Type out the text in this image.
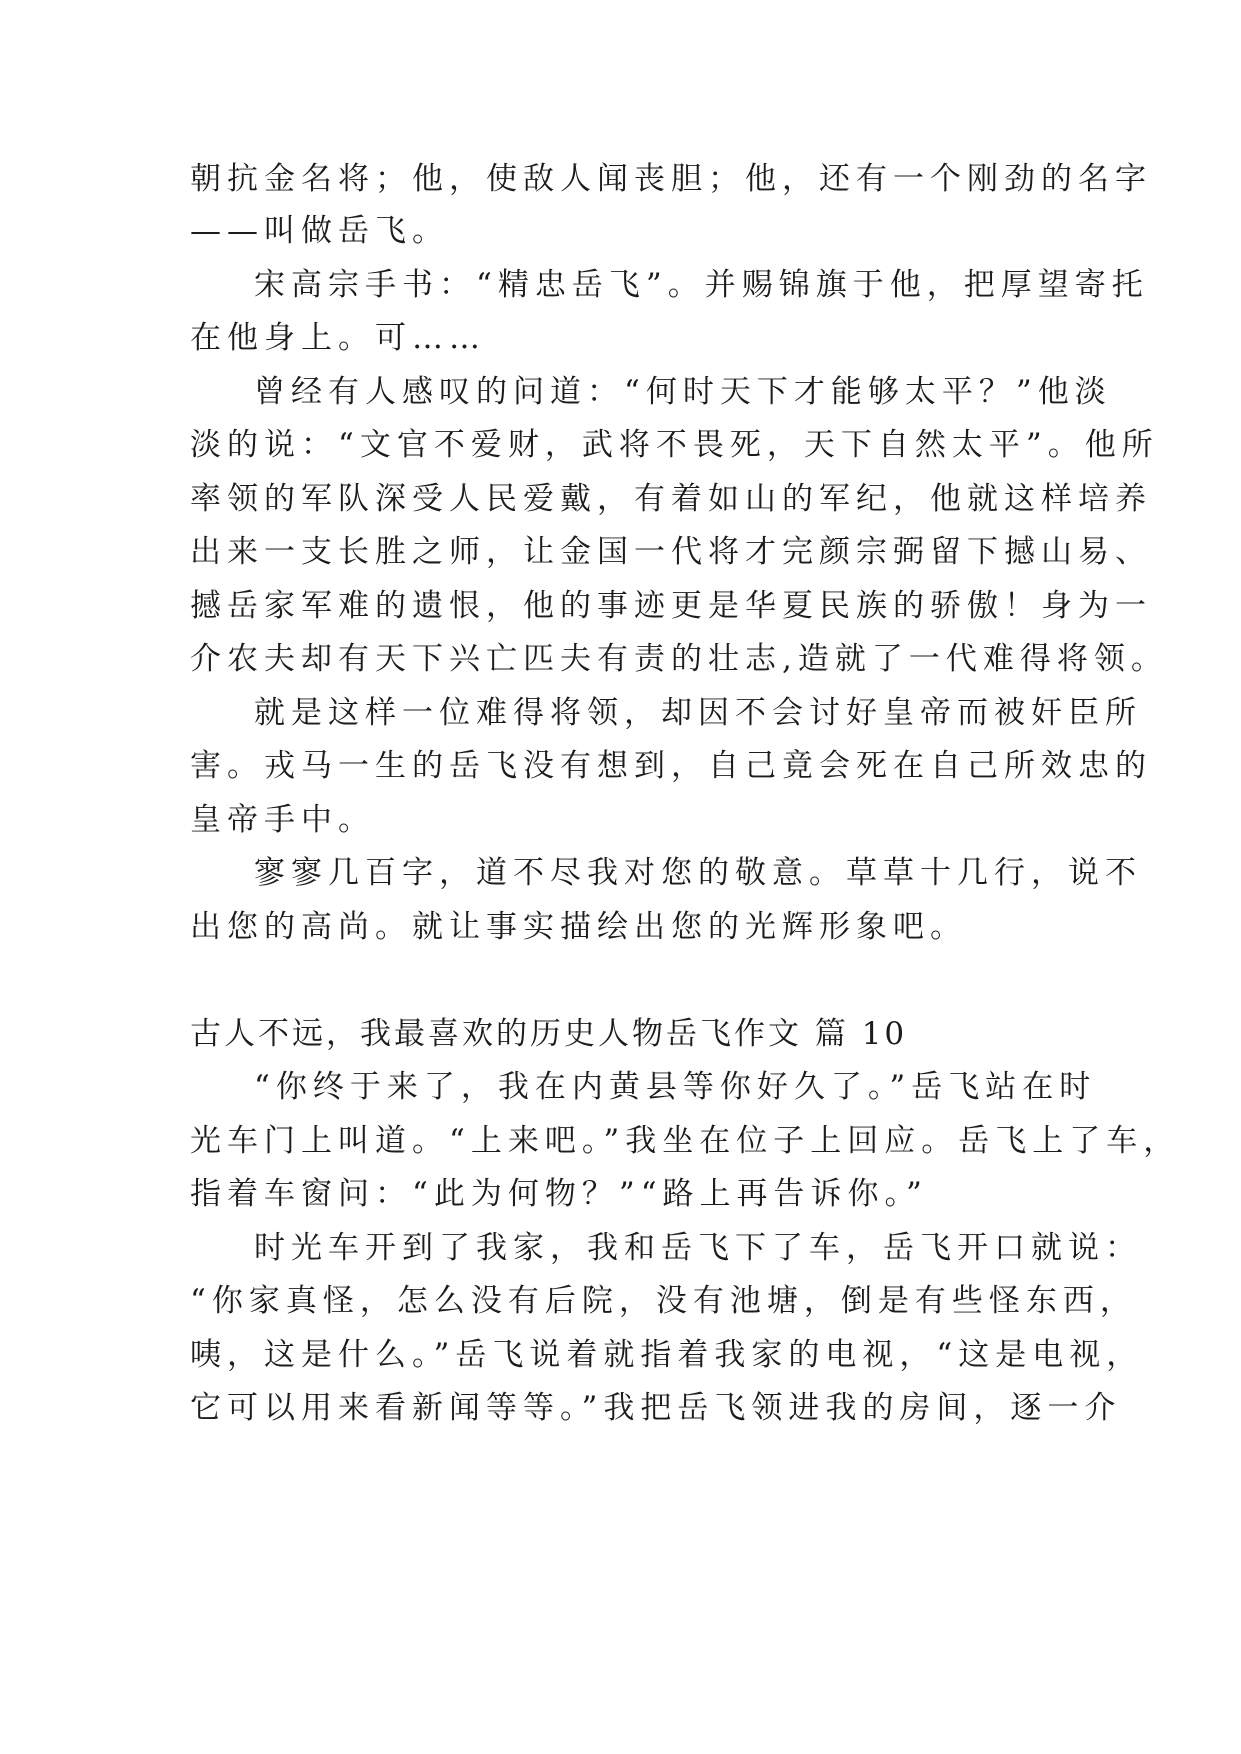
朝抗金名将；他，使敌人闻丧胆；他，还有一个刚劲的名字
——叫做岳飞。
宋高宗手书：“精忠岳飞”。并赐锦旗于他，把厚望寄托
在他身上。可……
曾经有人感叹的问道：“何时天下才能够太平？”他淡
淡的说：“文官不爱财，武将不畏死，天下自然太平”。他所
率领的军队深受人民爱戴，有着如山的军纪，他就这样培养
出来一支长胜之师，让金国一代将才完颜宗弼留下撼山易、
撼岳家军难的遗恨，他的事迹更是华夏民族的骄傲！身为一
介农夫却有天下兴亡匹夫有责的壮志,造就了一代难得将领。
就是这样一位难得将领，却因不会讨好皇帝而被奸臣所
害。戎马一生的岳飞没有想到，自己竟会死在自己所效忠的
皇帝手中。
寥寥几百字，道不尽我对您的敬意。草草十几行，说不
出您的高尚。就让事实描绘出您的光辉形象吧。
古人不远，我最喜欢的历史人物岳飞作文 篇 10
“你终于来了，我在内黄县等你好久了。”岳飞站在时
光车门上叫道。“上来吧。”我坐在位子上回应。岳飞上了车，
指着车窗问：“此为何物？”“路上再告诉你。”
时光车开到了我家，我和岳飞下了车，岳飞开口就说：
“你家真怪，怎么没有后院，没有池塘，倒是有些怪东西，
咦，这是什么。”岳飞说着就指着我家的电视，“这是电视，
它可以用来看新闻等等。”我把岳飞领进我的房间，逐一介
